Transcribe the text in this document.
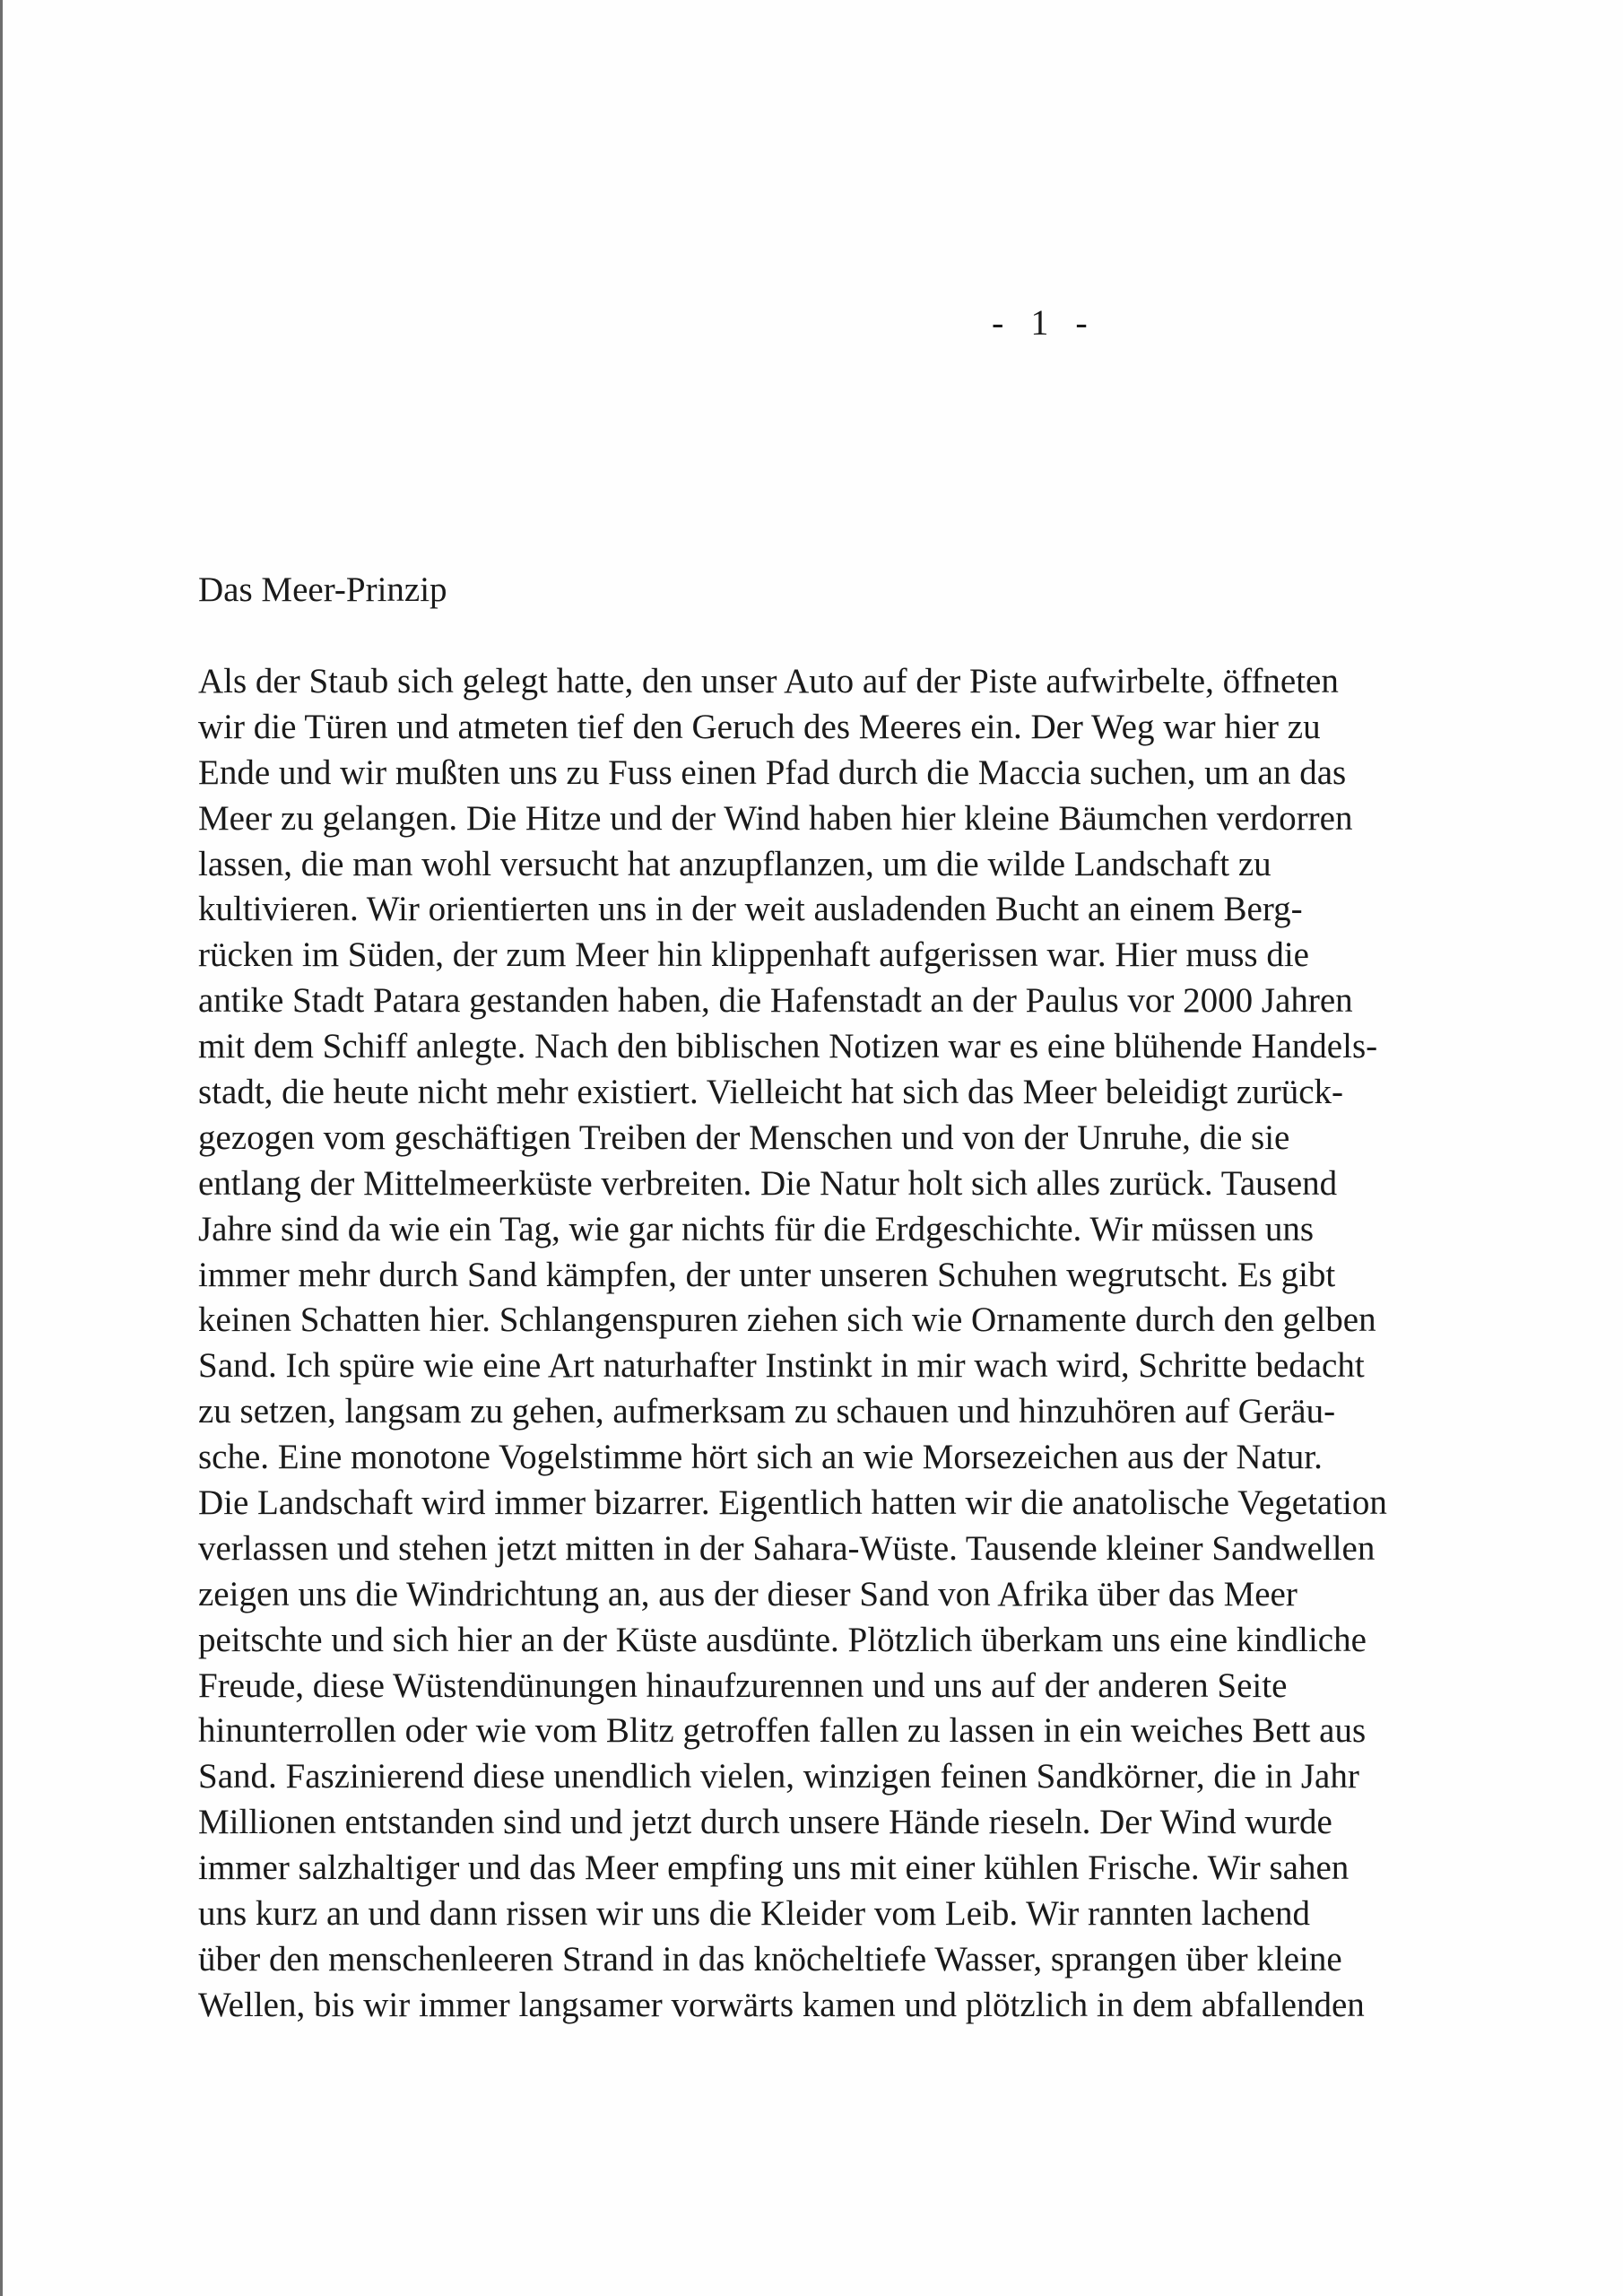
- 1 -
Das Meer-Prinzip
Als der Staub sich gelegt hatte, den unser Auto auf der Piste aufwirbelte, öffneten
wir die Türen und atmeten tief den Geruch des Meeres ein. Der Weg war hier zu
Ende und wir mußten uns zu Fuss einen Pfad durch die Maccia suchen, um an das
Meer zu gelangen. Die Hitze und der Wind haben hier kleine Bäumchen verdorren
lassen, die man wohl versucht hat anzupflanzen, um die wilde Landschaft zu
kultivieren. Wir orientierten uns in der weit ausladenden Bucht an einem Berg-
rücken im Süden, der zum Meer hin klippenhaft aufgerissen war. Hier muss die
antike Stadt Patara gestanden haben, die Hafenstadt an der Paulus vor 2000 Jahren
mit dem Schiff anlegte. Nach den biblischen Notizen war es eine blühende Handels-
stadt, die heute nicht mehr existiert. Vielleicht hat sich das Meer beleidigt zurück-
gezogen vom geschäftigen Treiben der Menschen und von der Unruhe, die sie
entlang der Mittelmeerküste verbreiten. Die Natur holt sich alles zurück. Tausend
Jahre sind da wie ein Tag, wie gar nichts für die Erdgeschichte. Wir müssen uns
immer mehr durch Sand kämpfen, der unter unseren Schuhen wegrutscht. Es gibt
keinen Schatten hier. Schlangenspuren ziehen sich wie Ornamente durch den gelben
Sand. Ich spüre wie eine Art naturhafter Instinkt in mir wach wird, Schritte bedacht
zu setzen, langsam zu gehen, aufmerksam zu schauen und hinzuhören auf Geräu-
sche. Eine monotone Vogelstimme hört sich an wie Morsezeichen aus der Natur.
Die Landschaft wird immer bizarrer. Eigentlich hatten wir die anatolische Vegetation
verlassen und stehen jetzt mitten in der Sahara-Wüste. Tausende kleiner Sandwellen
zeigen uns die Windrichtung an, aus der dieser Sand von Afrika über das Meer
peitschte und sich hier an der Küste ausdünte. Plötzlich überkam uns eine kindliche
Freude, diese Wüstendünungen hinaufzurennen und uns auf der anderen Seite
hinunterrollen oder wie vom Blitz getroffen fallen zu lassen in ein weiches Bett aus
Sand. Faszinierend diese unendlich vielen, winzigen feinen Sandkörner, die in Jahr
Millionen entstanden sind und jetzt durch unsere Hände rieseln. Der Wind wurde
immer salzhaltiger und das Meer empfing uns mit einer kühlen Frische. Wir sahen
uns kurz an und dann rissen wir uns die Kleider vom Leib. Wir rannten lachend
über den menschenleeren Strand in das knöcheltiefe Wasser, sprangen über kleine
Wellen, bis wir immer langsamer vorwärts kamen und plötzlich in dem abfallenden
